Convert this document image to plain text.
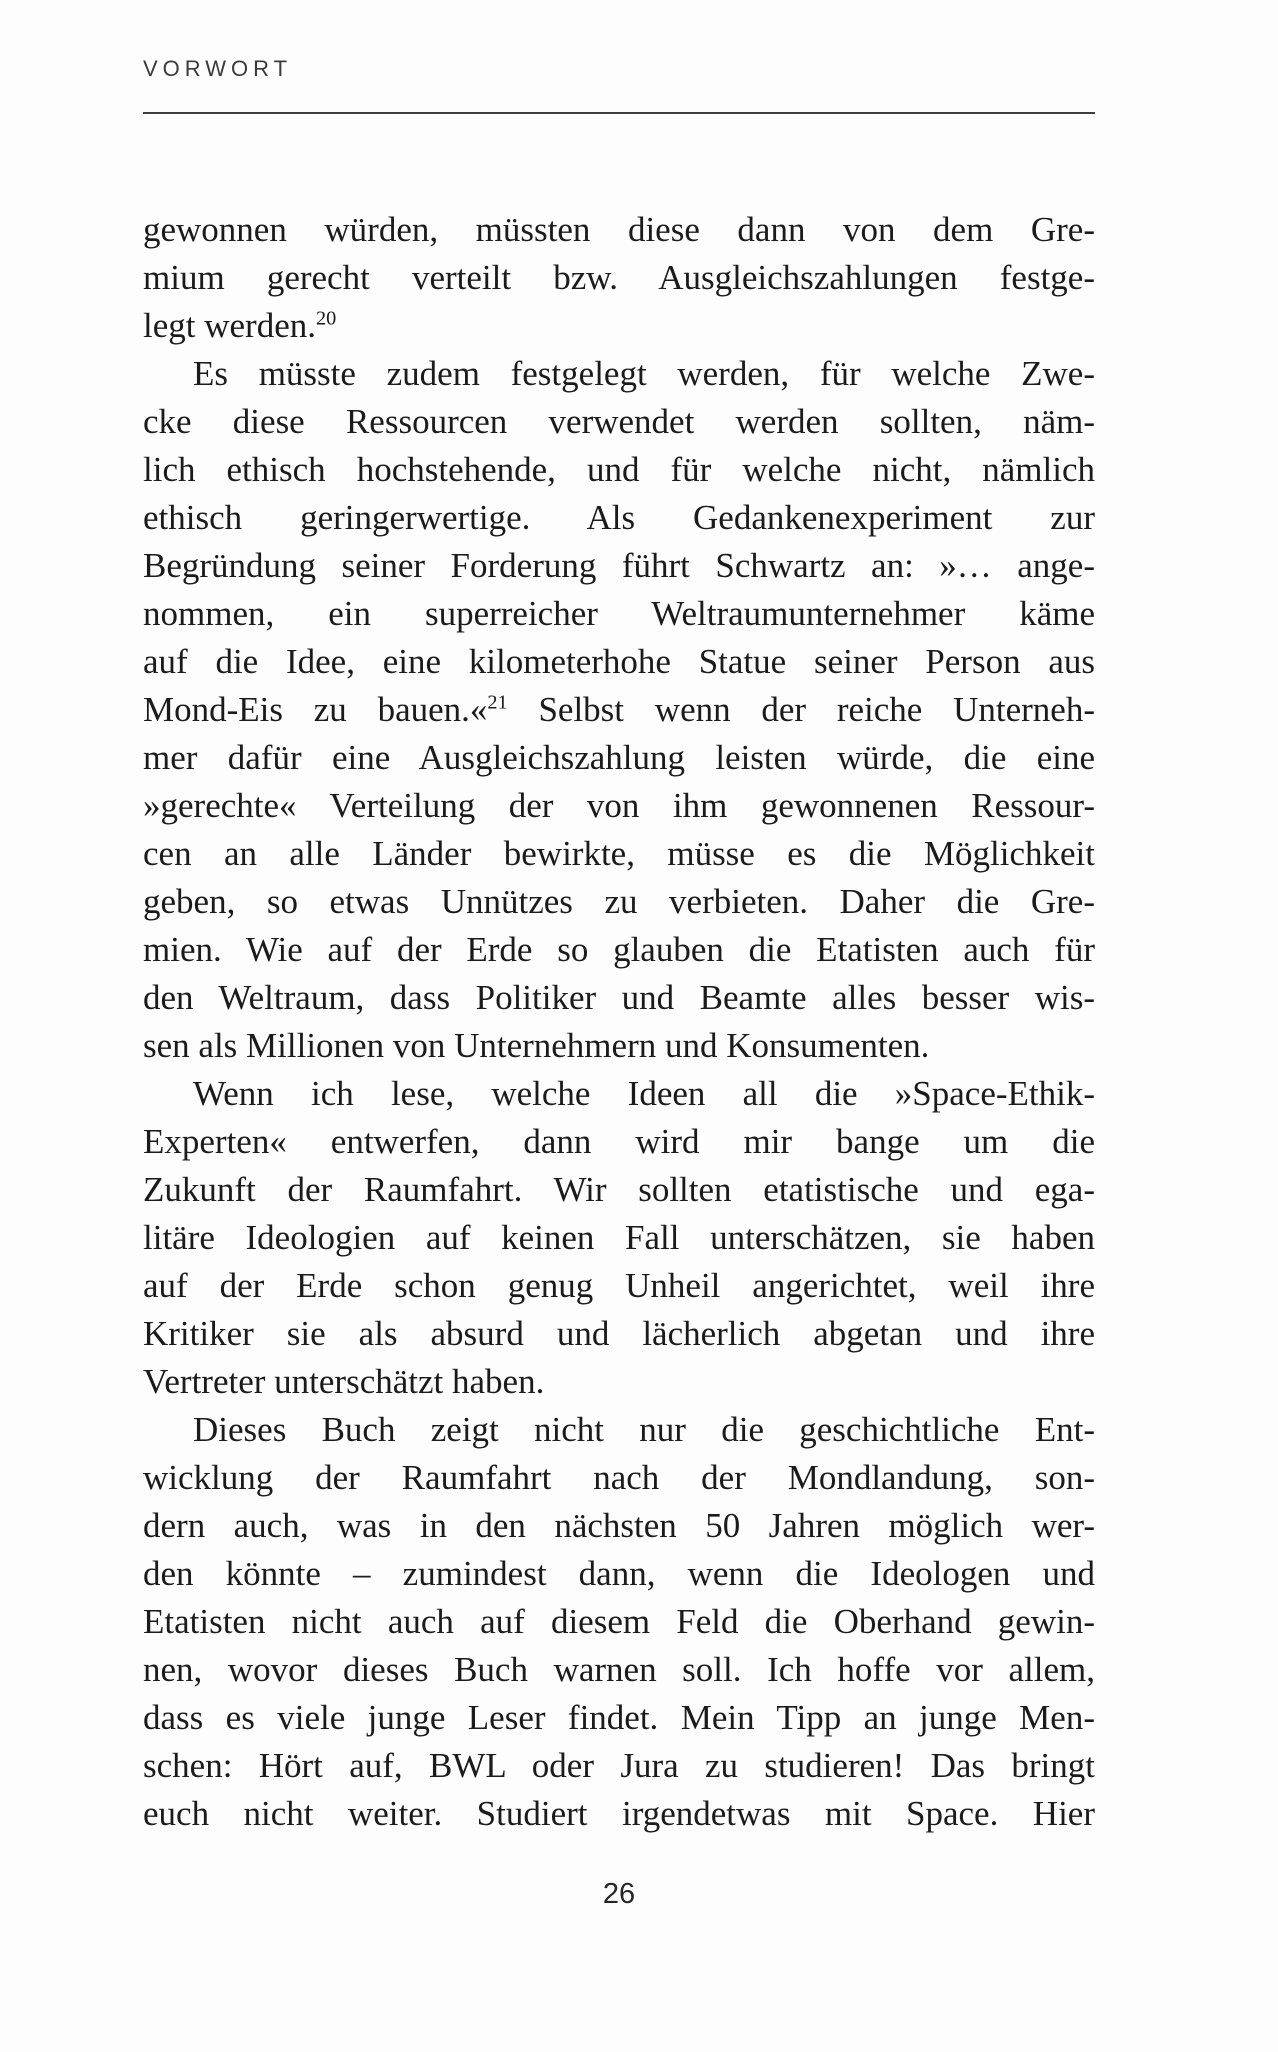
VORWORT
gewonnen würden, müssten diese dann von dem Gre-
mium gerecht verteilt bzw. Ausgleichszahlungen festge-
legt werden.$^{20}$
Es müsste zudem festgelegt werden, für welche Zwe-
cke diese Ressourcen verwendet werden sollten, näm-
lich ethisch hochstehende, und für welche nicht, nämlich
ethisch geringerwertige. Als Gedankenexperiment zur
Begründung seiner Forderung führt Schwartz an: »… ange-
nommen, ein superreicher Weltraumunternehmer käme
auf die Idee, eine kilometerhohe Statue seiner Person aus
Mond-Eis zu bauen.«$^{21}$ Selbst wenn der reiche Unterneh-
mer dafür eine Ausgleichszahlung leisten würde, die eine
»gerechte« Verteilung der von ihm gewonnenen Ressour-
cen an alle Länder bewirkte, müsse es die Möglichkeit
geben, so etwas Unnützes zu verbieten. Daher die Gre-
mien. Wie auf der Erde so glauben die Etatisten auch für
den Weltraum, dass Politiker und Beamte alles besser wis-
sen als Millionen von Unternehmern und Konsumenten.
Wenn ich lese, welche Ideen all die »Space-Ethik-
Experten« entwerfen, dann wird mir bange um die
Zukunft der Raumfahrt. Wir sollten etatistische und ega-
litäre Ideologien auf keinen Fall unterschätzen, sie haben
auf der Erde schon genug Unheil angerichtet, weil ihre
Kritiker sie als absurd und lächerlich abgetan und ihre
Vertreter unterschätzt haben.
Dieses Buch zeigt nicht nur die geschichtliche Ent-
wicklung der Raumfahrt nach der Mondlandung, son-
dern auch, was in den nächsten 50 Jahren möglich wer-
den könnte – zumindest dann, wenn die Ideologen und
Etatisten nicht auch auf diesem Feld die Oberhand gewin-
nen, wovor dieses Buch warnen soll. Ich hoffe vor allem,
dass es viele junge Leser findet. Mein Tipp an junge Men-
schen: Hört auf, BWL oder Jura zu studieren! Das bringt
euch nicht weiter. Studiert irgendetwas mit Space. Hier
26
